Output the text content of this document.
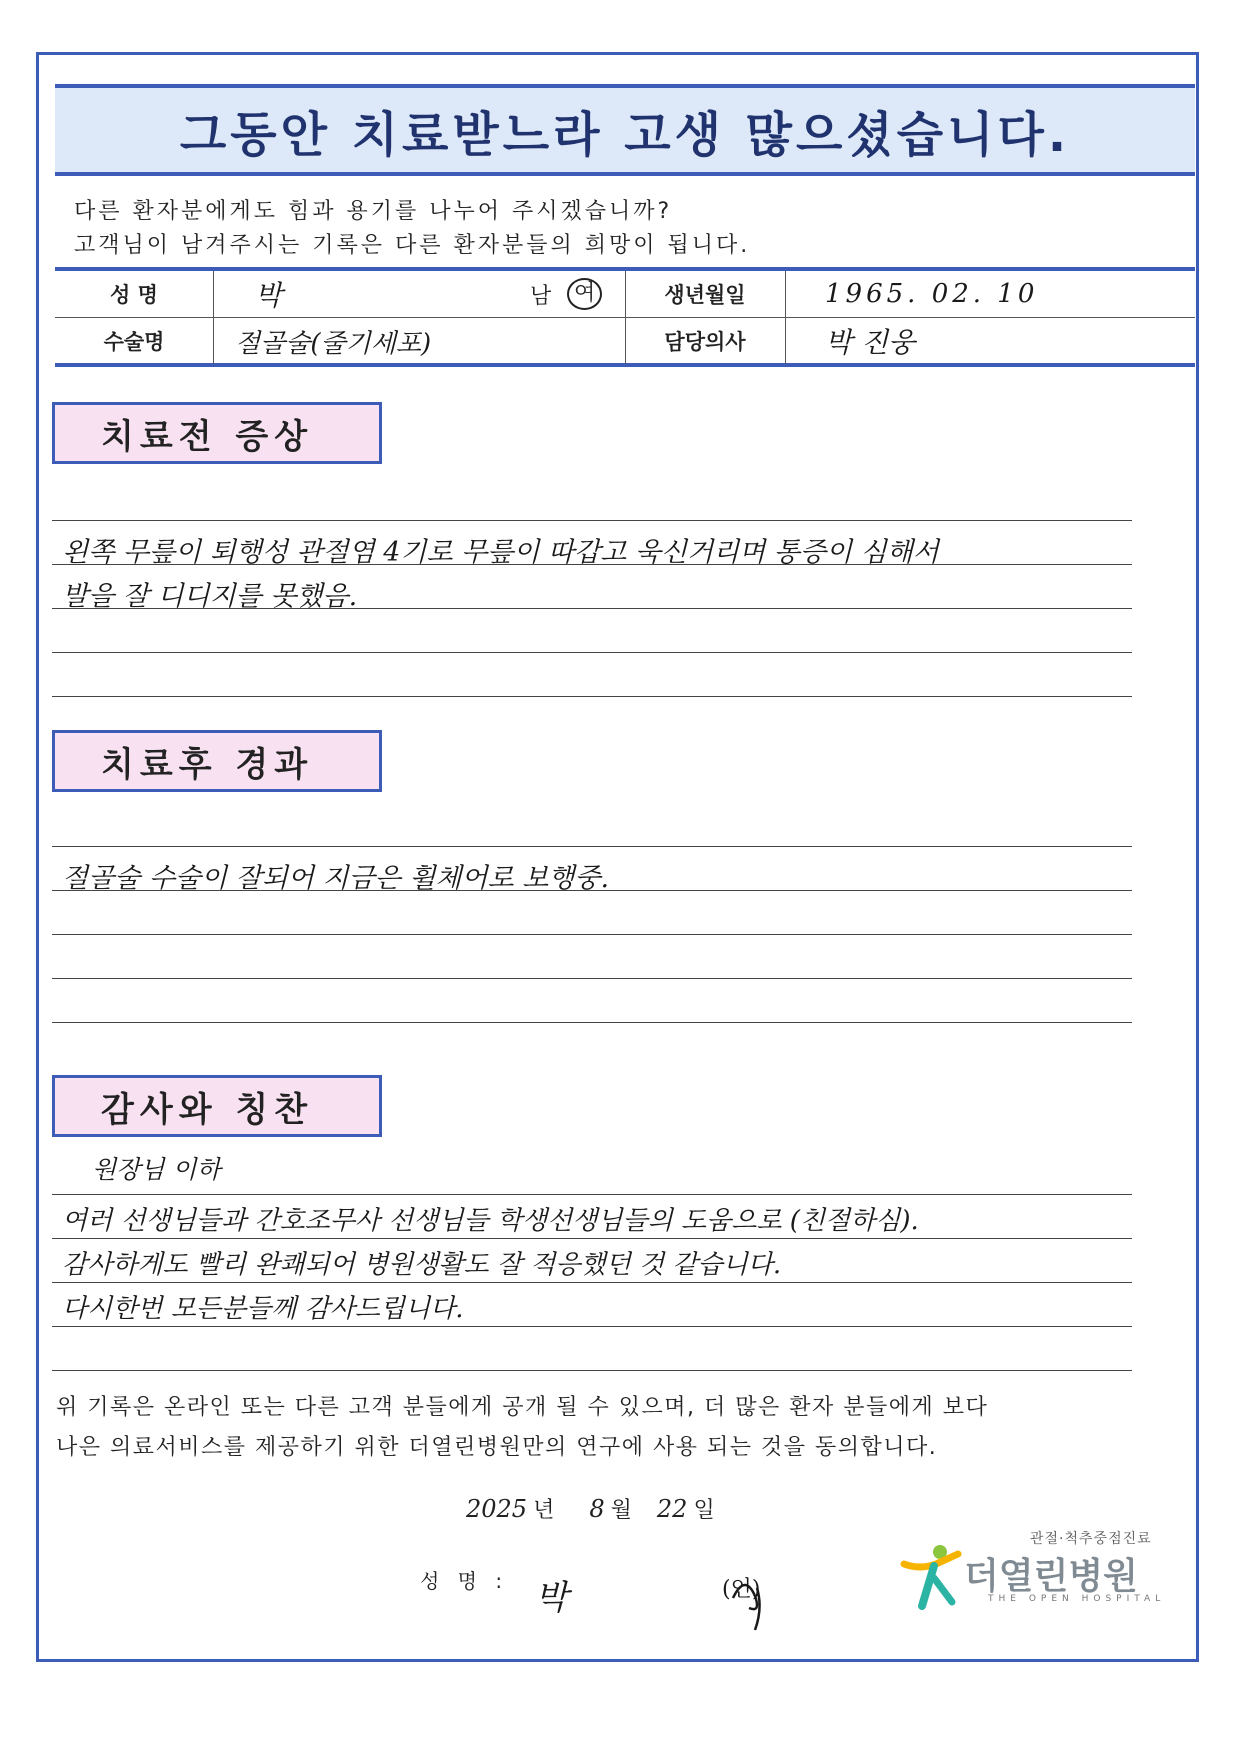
그동안 치료받느라 고생 많으셨습니다.
다른 환자분에게도 힘과 용기를 나누어 주시겠습니까?
고객님이 남겨주시는 기록은 다른 환자분들의 희망이 됩니다.
성 명	박	남	여	생년월일	1965. 02. 10
수술명	절골술(줄기세포)	담당의사	박 진웅
치료전 증상
왼쪽 무릎이 퇴행성 관절염 4기로 무릎이 따갑고 욱신거리며 통증이 심해서
발을 잘 디디지를 못했음.
치료후 경과
절골술 수술이 잘되어 지금은 휠체어로 보행중.
감사와 칭찬
원장님 이하
여러 선생님들과 간호조무사 선생님들 학생선생님들의 도움으로 (친절하심).
감사하게도 빨리 완쾌되어 병원생활도 잘 적응했던 것 같습니다.
다시한번 모든분들께 감사드립니다.
위 기록은 온라인 또는 다른 고객 분들에게 공개 될 수 있으며, 더 많은 환자 분들에게 보다
나은 의료서비스를 제공하기 위한 더열린병원만의 연구에 사용 되는 것을 동의합니다.
2025 년 8 월 22 일
성 명 : 박	(인)
관절·척추중점진료
더열린병원
THE OPEN HOSPITAL
